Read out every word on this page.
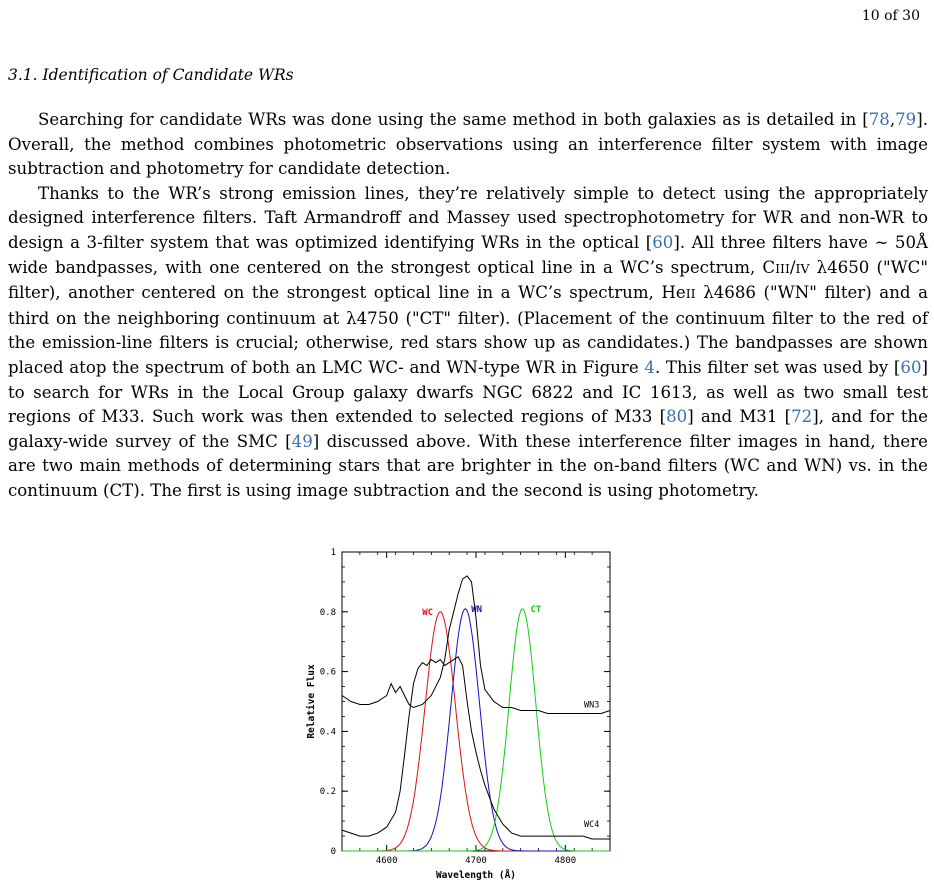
10 of 30
3.1. Identification of Candidate WRs

Searching for candidate WRs was done using the same method in both galaxies as is detailed in [78,79]. Overall, the method combines photometric observations using an interference filter system with image subtraction and photometry for candidate detection.

Thanks to the WR’s strong emission lines, they’re relatively simple to detect using the appropriately designed interference filters. Taft Armandroff and Massey used spectrophotometry for WR and non-WR to design a 3-filter system that was optimized identifying WRs in the optical [60]. All three filters have ∼ 50Å wide bandpasses, with one centered on the strongest optical line in a WC’s spectrum, CIII/IV λ4650 ("WC" filter), another centered on the strongest optical line in a WC’s spectrum, HeII λ4686 ("WN" filter) and a third on the neighboring continuum at λ4750 ("CT" filter). (Placement of the continuum filter to the red of the emission-line filters is crucial; otherwise, red stars show up as candidates.) The bandpasses are shown placed atop the spectrum of both an LMC WC- and WN-type WR in Figure 4. This filter set was used by [60] to search for WRs in the Local Group galaxy dwarfs NGC 6822 and IC 1613, as well as two small test regions of M33. Such work was then extended to selected regions of M33 [80] and M31 [72], and for the galaxy-wide survey of the SMC [49] discussed above. With these interference filter images in hand, there are two main methods of determining stars that are brighter in the on-band filters (WC and WN) vs. in the continuum (CT). The first is using image subtraction and the second is using photometry.

0
0.2
0.4
0.6
0.8
1
4600	4700	4800
Wavelength (Å)
Relative Flux
WC	WN	CT
WN3
WC4
